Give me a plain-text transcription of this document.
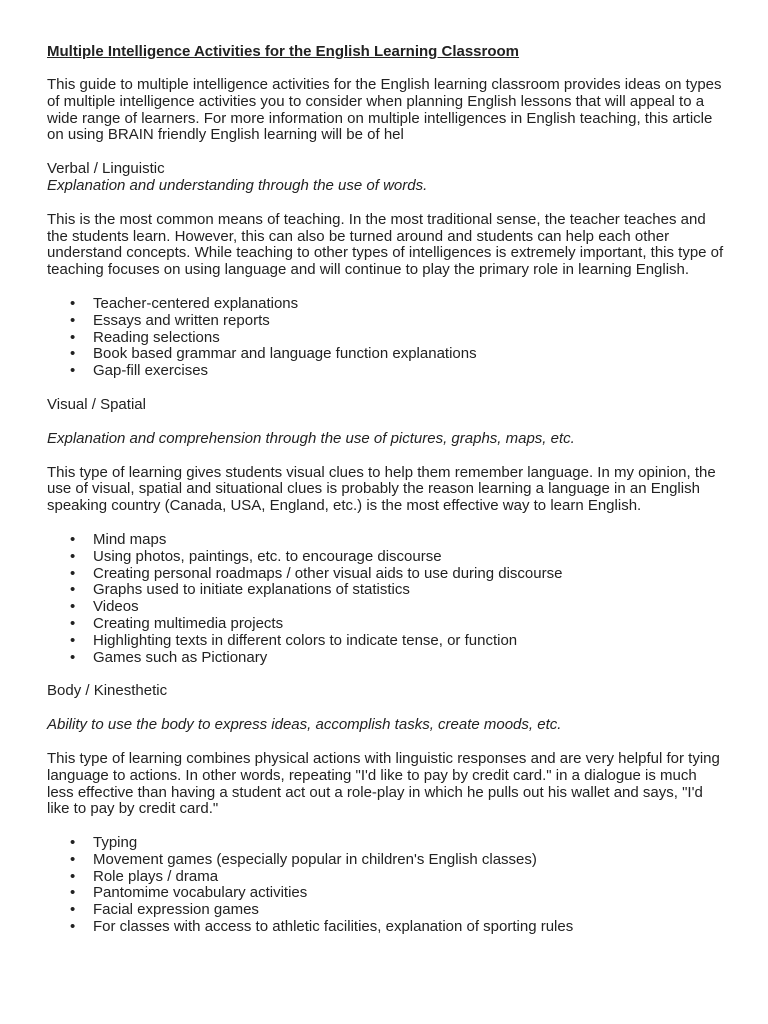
Multiple Intelligence Activities for the English Learning Classroom

This guide to multiple intelligence activities for the English learning classroom provides ideas on types of multiple intelligence activities you to consider when planning English lessons that will appeal to a wide range of learners. For more information on multiple intelligences in English teaching, this article on using BRAIN friendly English learning will be of hel

Verbal / Linguistic

Explanation and understanding through the use of words.

This is the most common means of teaching. In the most traditional sense, the teacher teaches and the students learn. However, this can also be turned around and students can help each other understand concepts. While teaching to other types of intelligences is extremely important, this type of teaching focuses on using language and will continue to play the primary role in learning English.

• Teacher-centered explanations
• Essays and written reports
• Reading selections
• Book based grammar and language function explanations
• Gap-fill exercises
Visual / Spatial

Explanation and comprehension through the use of pictures, graphs, maps, etc.

This type of learning gives students visual clues to help them remember language. In my opinion, the use of visual, spatial and situational clues is probably the reason learning a language in an English speaking country (Canada, USA, England, etc.) is the most effective way to learn English.

• Mind maps
• Using photos, paintings, etc. to encourage discourse
• Creating personal roadmaps / other visual aids to use during discourse
• Graphs used to initiate explanations of statistics
• Videos
• Creating multimedia projects
• Highlighting texts in different colors to indicate tense, or function
• Games such as Pictionary
Body / Kinesthetic

Ability to use the body to express ideas, accomplish tasks, create moods, etc.

This type of learning combines physical actions with linguistic responses and are very helpful for tying language to actions. In other words, repeating "I'd like to pay by credit card." in a dialogue is much less effective than having a student act out a role-play in which he pulls out his wallet and says, "I'd like to pay by credit card."

• Typing
• Movement games (especially popular in children's English classes)
• Role plays / drama
• Pantomime vocabulary activities
• Facial expression games
• For classes with access to athletic facilities, explanation of sporting rules
